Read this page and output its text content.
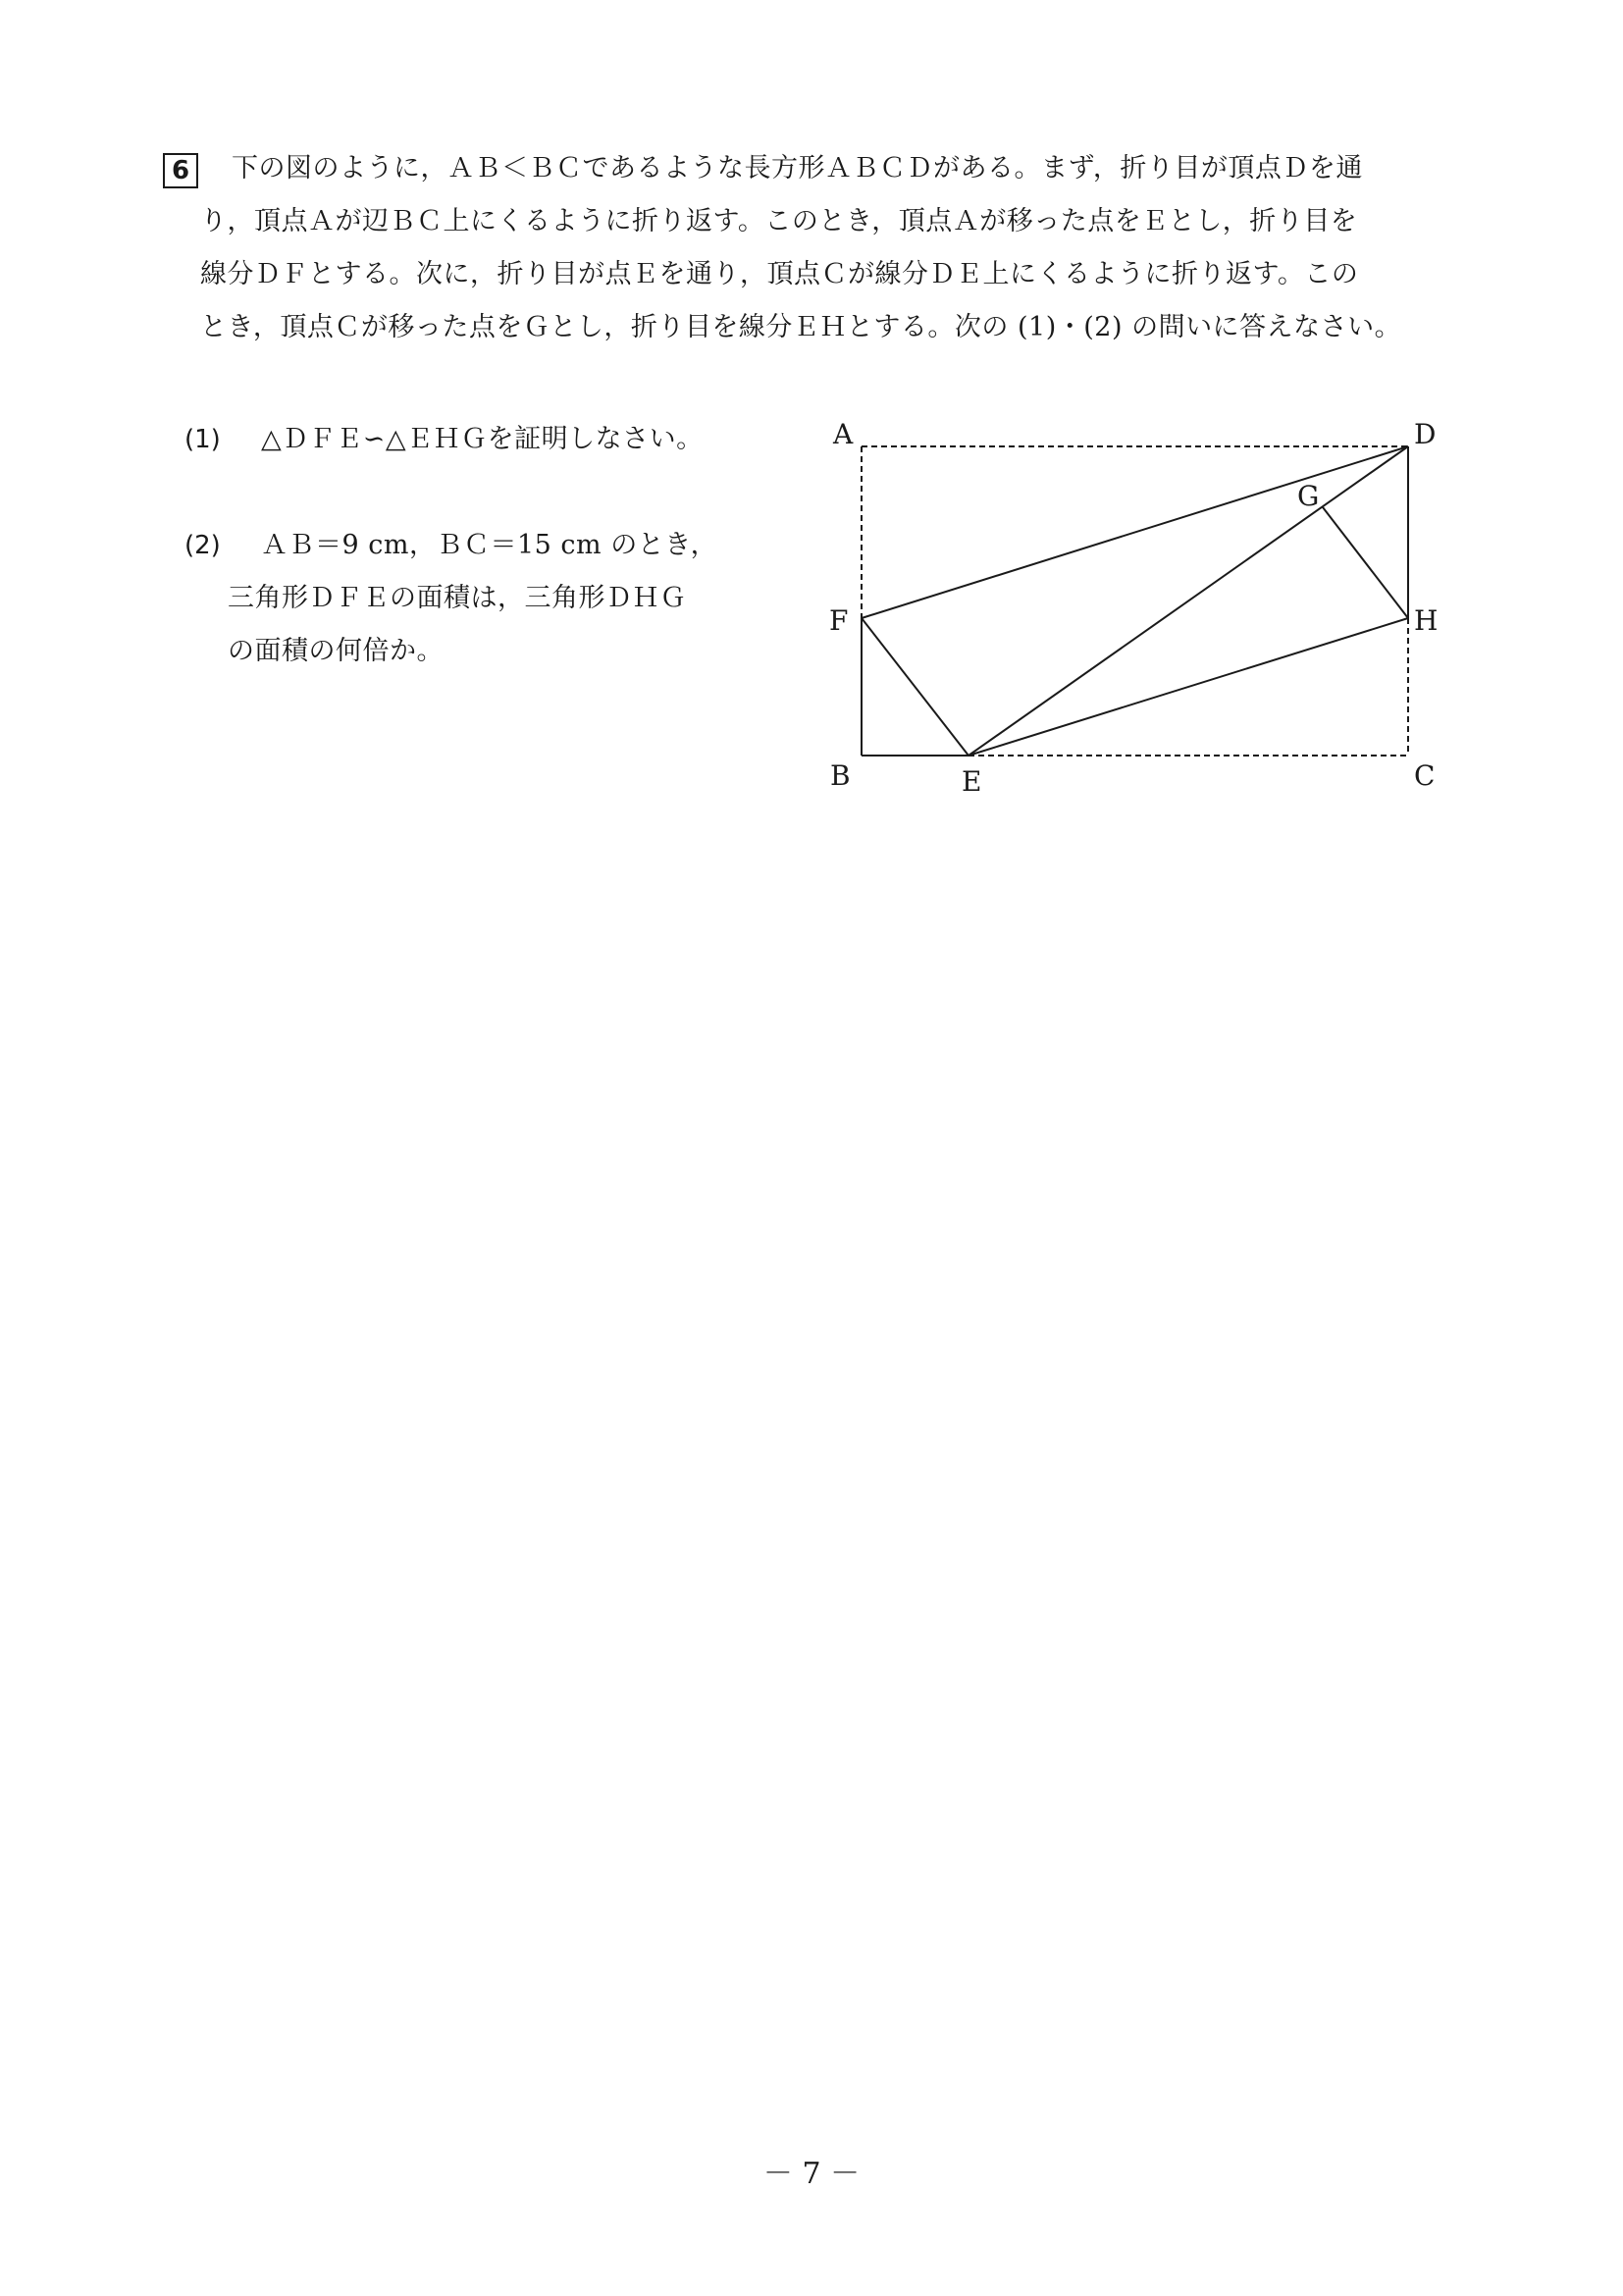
6	下の図のように，ＡＢ＜ＢＣであるような長方形ＡＢＣＤがある。まず，折り目が頂点Ｄを通
り，頂点Ａが辺ＢＣ上にくるように折り返す。このとき，頂点Ａが移った点をＥとし，折り目を
線分ＤＦとする。次に，折り目が点Ｅを通り，頂点Ｃが線分ＤＥ上にくるように折り返す。この
とき，頂点Ｃが移った点をＧとし，折り目を線分ＥＨとする。次の (1)・(2) の問いに答えなさい。
(1) △ＤＦＥ∽△ＥＨＧを証明しなさい。
(2) ＡＢ＝9 cm，ＢＣ＝15 cm のとき，
三角形ＤＦＥの面積は，三角形ＤＨＧ
の面積の何倍か。
A	D
G
F	H
B	E	C
－ 7 －
